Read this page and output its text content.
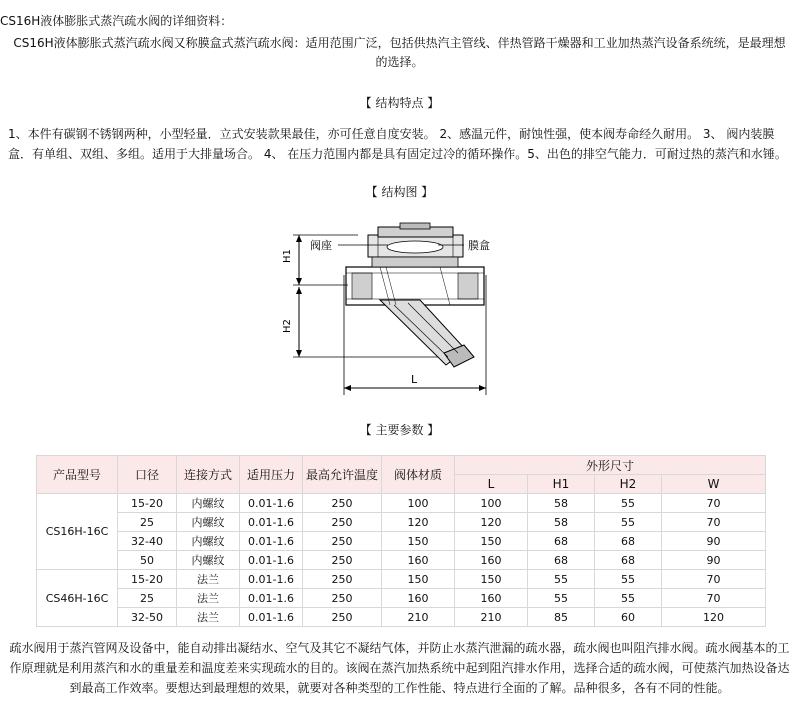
CS16H液体膨胀式蒸汽疏水阀的详细资料：
CS16H液体膨胀式蒸汽疏水阀又称膜盒式蒸汽疏水阀：适用范围广泛，包括供热汽主管线、伴热管路干燥器和工业加热蒸汽设备系统统，是最理想的选择。
【 结构特点 】
1、本件有碳钢不锈钢两种，小型轻量．立式安装款果最佳，亦可任意自度安装。 2、感温元件，耐蚀性强，使本阀寿命经久耐用。 3、 阀内装膜盒．有单组、双组、多组。适用于大排量场合。 4、 在压力范围内都是具有固定过冷的循环操作。5、出色的排空气能力．可耐过热的蒸汽和水锤。
【 结构图 】
H1
H2
L
阀座	膜盒
【 主要参数 】
产品型号	口径	连接方式	适用压力	最高允许温度	阀体材质	外形尺寸			
						L	H1	H2	W
CS16H-16C	15-20	内螺纹	0.01-1.6	250	100	100	58	55	70
	25	内螺纹	0.01-1.6	250	120	120	58	55	70
	32-40	内螺纹	0.01-1.6	250	150	150	68	68	90
	50	内螺纹	0.01-1.6	250	160	160	68	68	90
CS46H-16C	15-20	法兰	0.01-1.6	250	150	150	55	55	70
	25	法兰	0.01-1.6	250	160	160	55	55	70
	32-50	法兰	0.01-1.6	250	210	210	85	60	120
疏水阀用于蒸汽管网及设备中，能自动排出凝结水、空气及其它不凝结气体，并防止水蒸汽泄漏的疏水器，疏水阀也叫阻汽排水阀。疏水阀基本的工作原理就是利用蒸汽和水的重量差和温度差来实现疏水的目的。该阀在蒸汽加热系统中起到阻汽排水作用，选择合适的疏水阀，可使蒸汽加热设备达到最高工作效率。要想达到最理想的效果，就要对各种类型的工作性能、特点进行全面的了解。品种很多，各有不同的性能。
